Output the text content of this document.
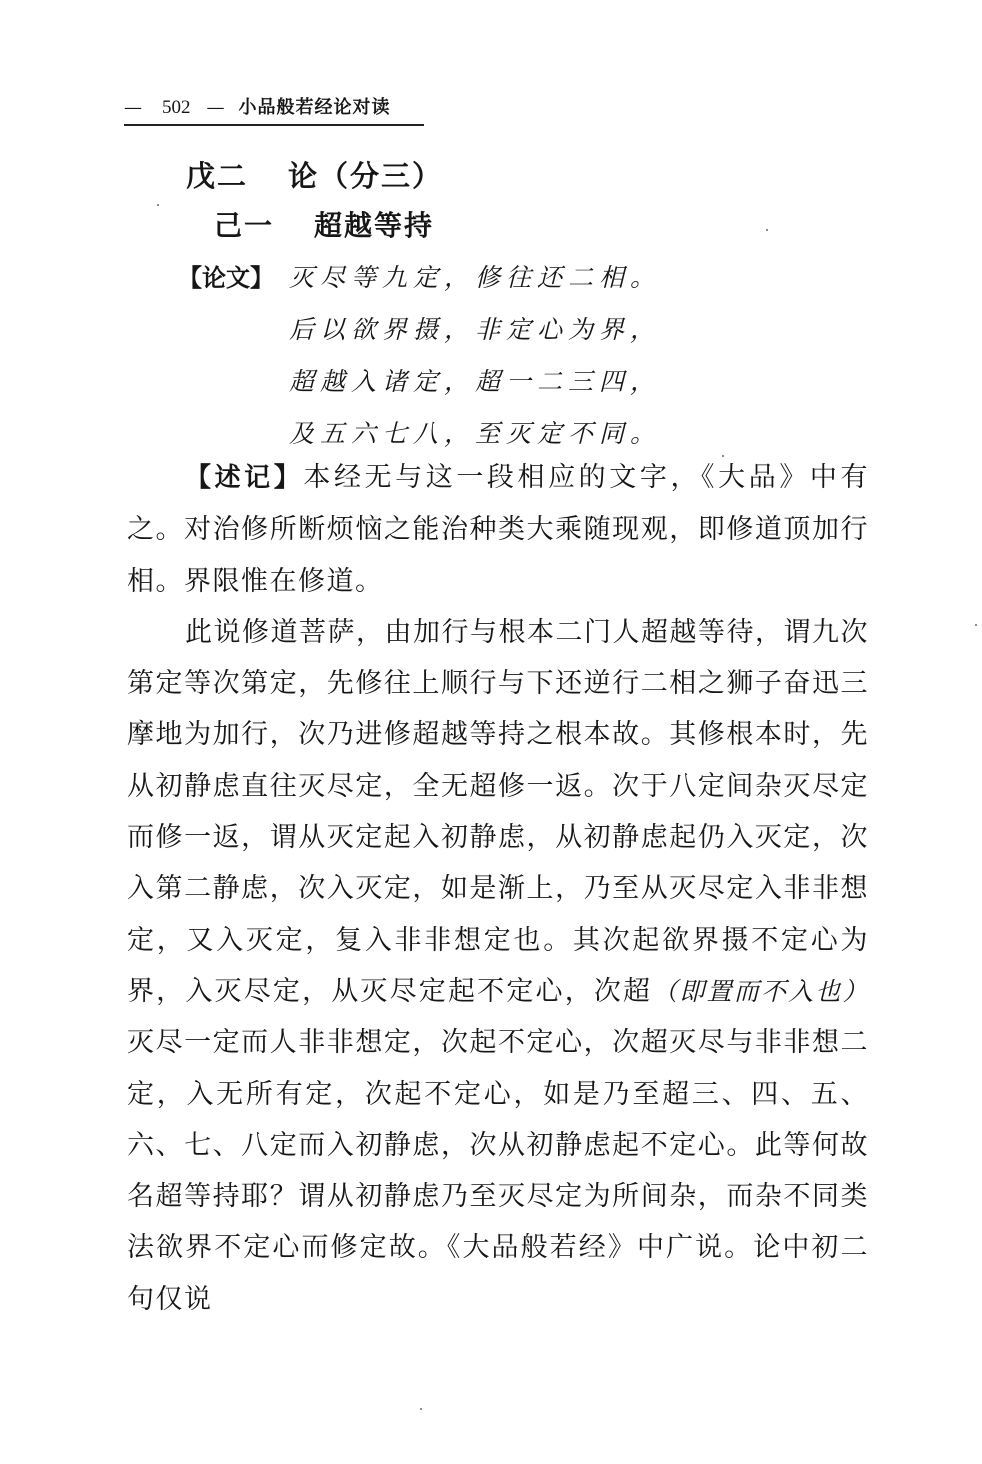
— 502 — 小品般若经论对读
戊二 论（分三）
己一 超越等持
【论文】 灭尽等九定，修往还二相。
后以欲界摄，非定心为界，
超越入诸定，超一二三四，
及五六七八，至灭定不同。

【述记】本经无与这一段相应的文字，《大品》中有之。对治修所断烦恼之能治种类大乘随现观，即修道顶加行相。界限惟在修道。

此说修道菩萨，由加行与根本二门人超越等待，谓九次第定等次第定，先修往上顺行与下还逆行二相之狮子奋迅三摩地为加行，次乃进修超越等持之根本故。其修根本时，先从初静虑直往灭尽定，全无超修一返。次于八定间杂灭尽定而修一返，谓从灭定起入初静虑，从初静虑起仍入灭定，次入第二静虑，次入灭定，如是渐上，乃至从灭尽定入非非想定，又入灭定，复入非非想定也。其次起欲界摄不定心为界，入灭尽定，从灭尽定起不定心，次超（即置而不入也）灭尽一定而人非非想定，次起不定心，次超灭尽与非非想二定，入无所有定，次起不定心，如是乃至超三、四、五、六、七、八定而入初静虑，次从初静虑起不定心。此等何故名超等持耶？谓从初静虑乃至灭尽定为所间杂，而杂不同类法欲界不定心而修定故。《大品般若经》中广说。论中初二句仅说
